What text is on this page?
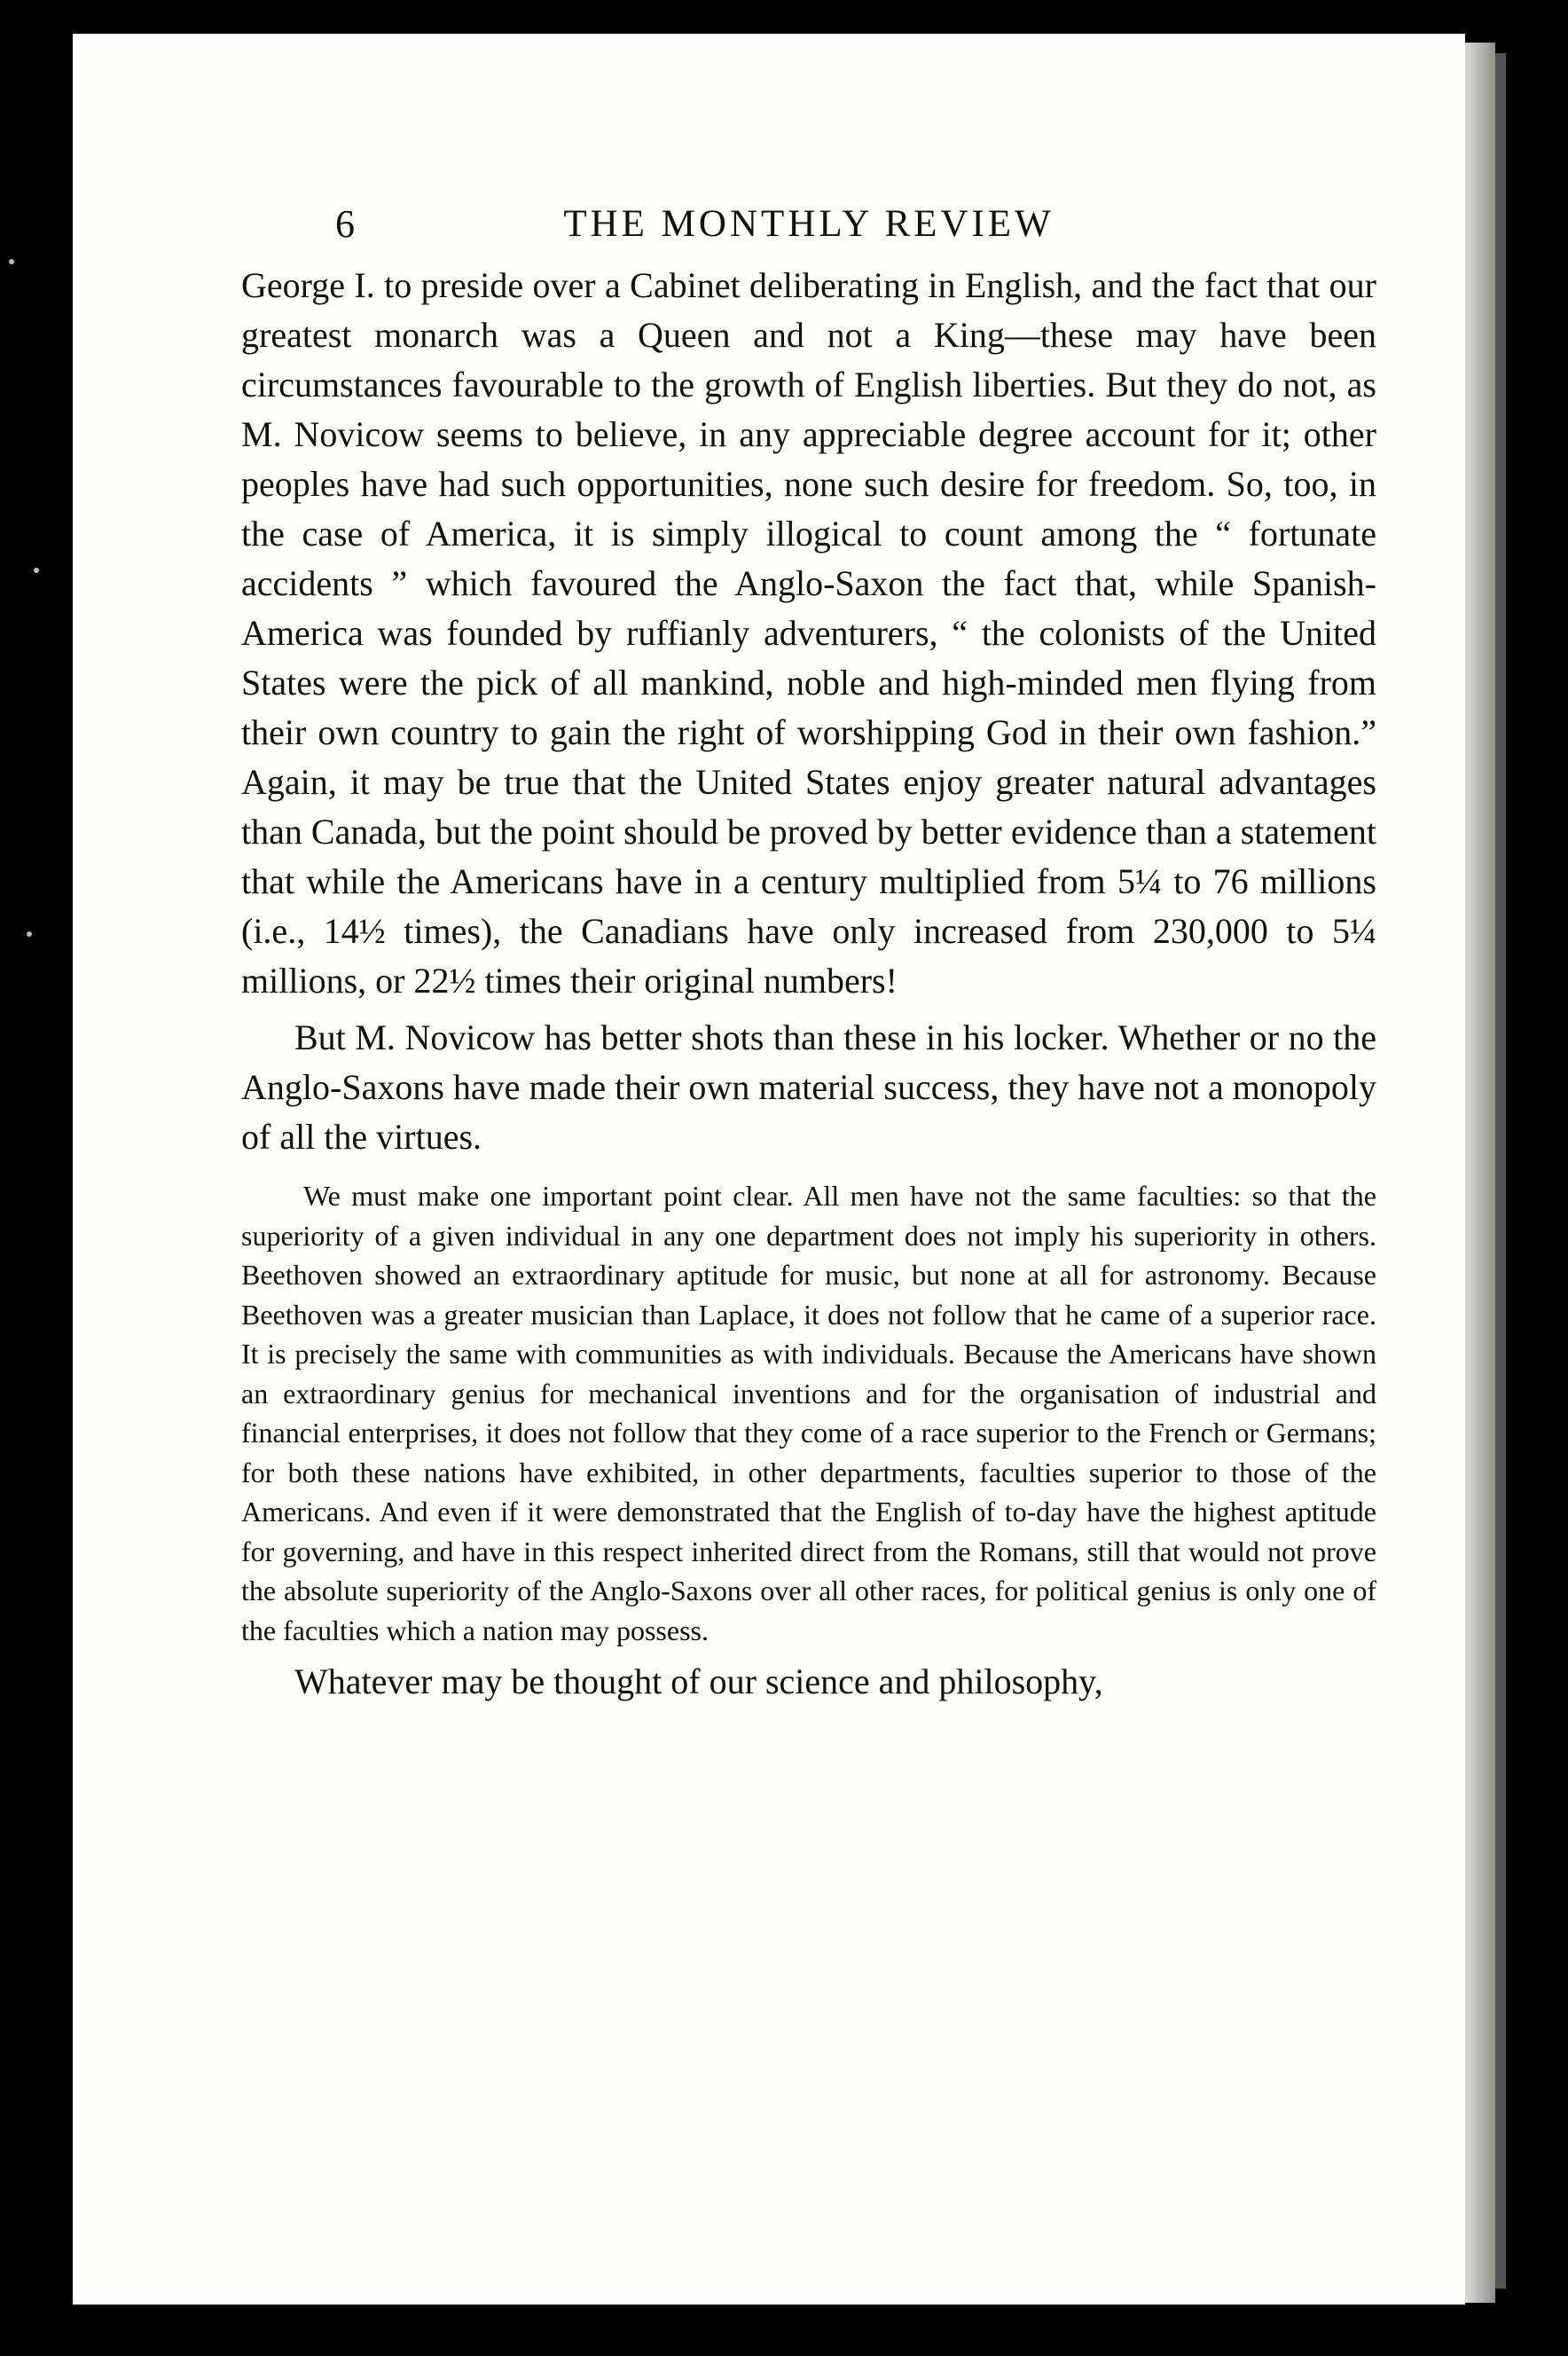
6	THE MONTHLY REVIEW

George I. to preside over a Cabinet deliberating in English, and the fact that our greatest monarch was a Queen and not a King—these may have been circumstances favourable to the growth of English liberties. But they do not, as M. Novicow seems to believe, in any appreciable degree account for it; other peoples have had such opportunities, none such desire for freedom. So, too, in the case of America, it is simply illogical to count among the “ fortunate accidents ” which favoured the Anglo-Saxon the fact that, while Spanish-America was founded by ruffianly adventurers, “ the colonists of the United States were the pick of all mankind, noble and high-minded men flying from their own country to gain the right of worshipping God in their own fashion.” Again, it may be true that the United States enjoy greater natural advantages than Canada, but the point should be proved by better evidence than a statement that while the Americans have in a century multiplied from 5¼ to 76 millions (i.e., 14½ times), the Canadians have only increased from 230,000 to 5¼ millions, or 22½ times their original numbers!

But M. Novicow has better shots than these in his locker. Whether or no the Anglo-Saxons have made their own material success, they have not a monopoly of all the virtues.

We must make one important point clear. All men have not the same faculties: so that the superiority of a given individual in any one department does not imply his superiority in others. Beethoven showed an extraordinary aptitude for music, but none at all for astronomy. Because Beethoven was a greater musician than Laplace, it does not follow that he came of a superior race. It is precisely the same with communities as with individuals. Because the Americans have shown an extraordinary genius for mechanical inventions and for the organisation of industrial and financial enterprises, it does not follow that they come of a race superior to the French or Germans; for both these nations have exhibited, in other departments, faculties superior to those of the Americans. And even if it were demonstrated that the English of to-day have the highest aptitude for governing, and have in this respect inherited direct from the Romans, still that would not prove the absolute superiority of the Anglo-Saxons over all other races, for political genius is only one of the faculties which a nation may possess.

Whatever may be thought of our science and philosophy,
